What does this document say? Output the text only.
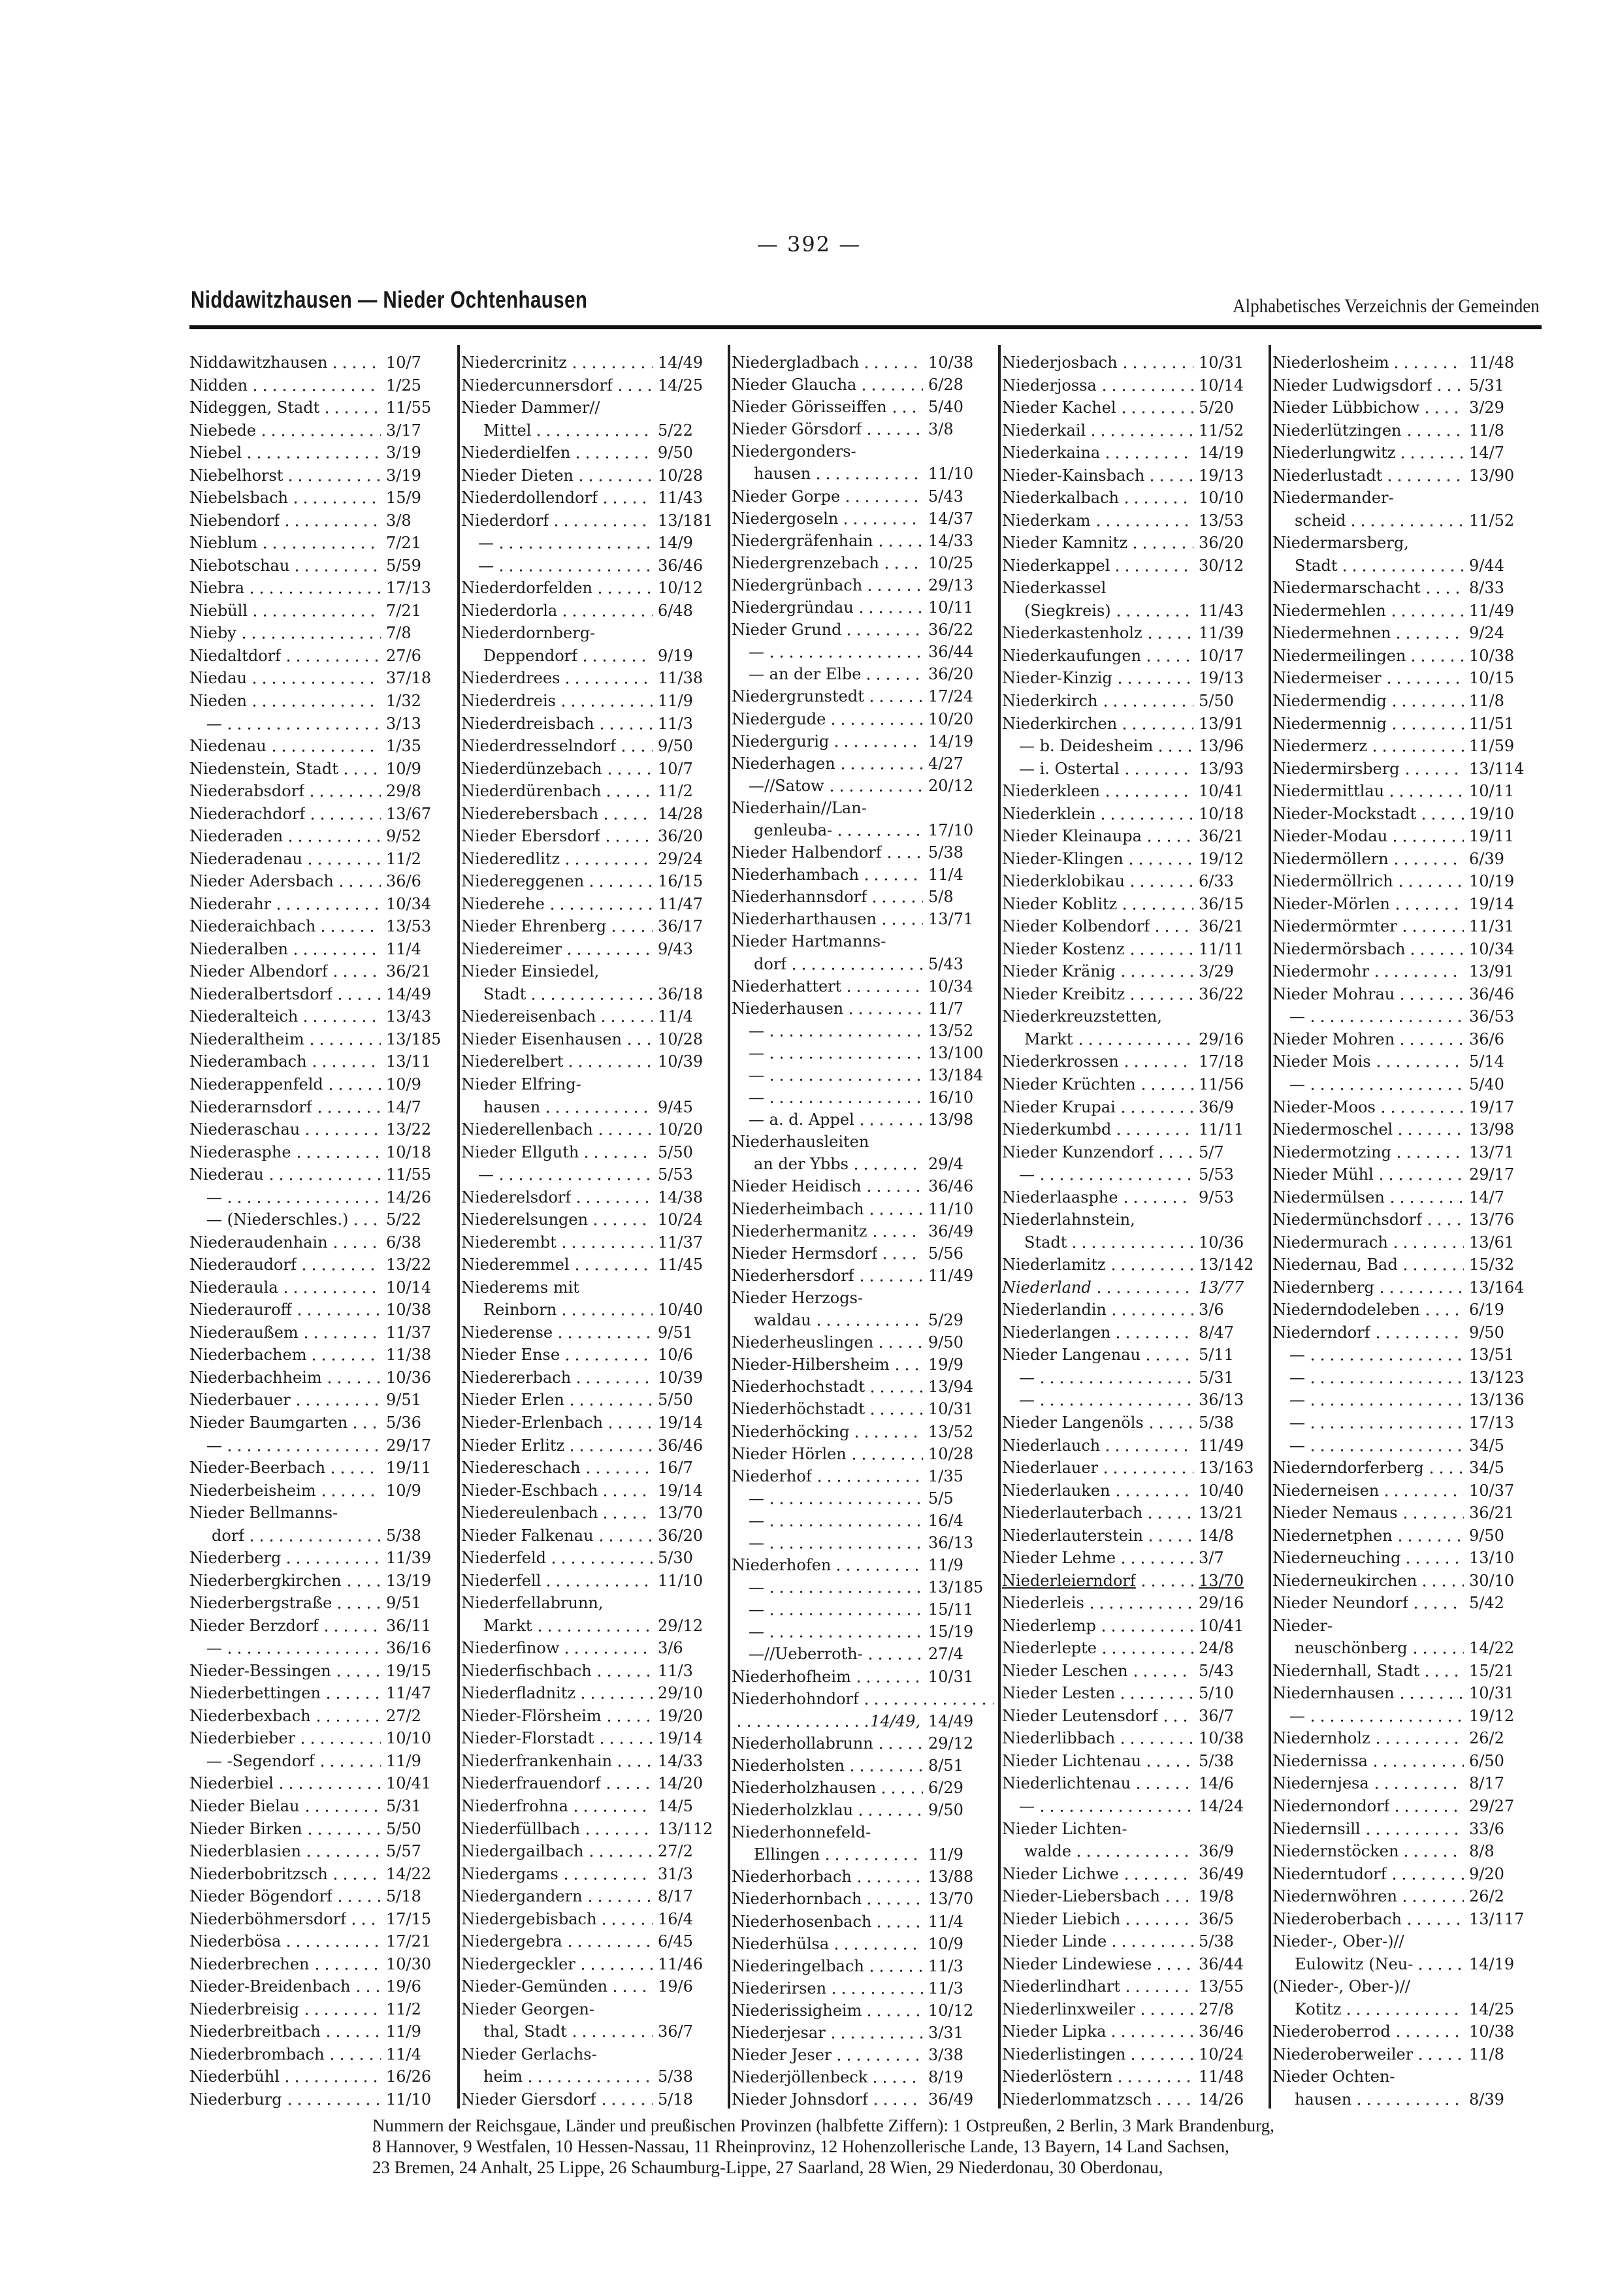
— 392 —
Niddawitzhausen — Nieder Ochtenhausen	Alphabetisches Verzeichnis der Gemeinden
Niddawitzhausen	10/7
Nidden	1/25
Nideggen, Stadt	11/55
Niebede	3/17
Niebel	3/19
Niebelhorst	3/19
Niebelsbach	15/9
Niebendorf	3/8
Nieblum	7/21
Niebotschau	5/59
Niebra	17/13
Niebüll	7/21
Nieby	7/8
Niedaltdorf	27/6
Niedau	37/18
Nieden	1/32
—	3/13
Niedenau	1/35
Niedenstein, Stadt	10/9
Niederabsdorf	29/8
Niederachdorf	13/67
Niederaden	9/52
Niederadenau	11/2
Nieder Adersbach	36/6
Niederahr	10/34
Niederaichbach	13/53
Niederalben	11/4
Nieder Albendorf	36/21
Niederalbertsdorf	14/49
Niederalteich	13/43
Niederaltheim	13/185
Niederambach	13/11
Niederappenfeld	10/9
Niederarnsdorf	14/7
Niederaschau	13/22
Niederasphe	10/18
Niederau	11/55
—	14/26
— (Niederschles.) 5/22
Niederaudenhain	6/38
Niederaudorf	13/22
Niederaula	10/14
Niederauroff	10/38
Niederaußem	11/37
Niederbachem	11/38
Niederbachheim	10/36
Niederbauer	9/51
Nieder Baumgarten 5/36
—	29/17
Nieder-Beerbach	19/11
Niederbeisheim	10/9
Nieder Bellmanns-
dorf	5/38
Niederberg	11/39
Niederbergkirchen	13/19
Niederbergstraße	9/51
Nieder Berzdorf	36/11
—	36/16
Nieder-Bessingen	19/15
Niederbettingen	11/47
Niederbexbach	27/2
Niederbieber	10/10
— -Segendorf	11/9
Niederbiel	10/41
Nieder Bielau	5/31
Nieder Birken	5/50
Niederblasien	5/57
Niederbobritzsch	14/22
Nieder Bögendorf	5/18
Niederböhmersdorf	17/15
Niederbösa	17/21
Niederbrechen	10/30
Nieder-Breidenbach 19/6
Niederbreisig	11/2
Niederbreitbach	11/9
Niederbrombach	11/4
Niederbühl	16/26
Niederburg	11/10
Niedercrinitz	14/49
Niedercunnersdorf	14/25
Nieder Dammer//
Mittel	5/22
Niederdielfen	9/50
Nieder Dieten	10/28
Niederdollendorf	11/43
Niederdorf	13/181
—	14/9
—	36/46
Niederdorfelden	10/12
Niederdorla	6/48
Niederdornberg-
Deppendorf	9/19
Niederdrees	11/38
Niederdreis	11/9
Niederdreisbach	11/3
Niederdresselndorf	9/50
Niederdünzebach	10/7
Niederdürenbach	11/2
Niederebersbach	14/28
Nieder Ebersdorf	36/20
Niederedlitz	29/24
Niedereggenen	16/15
Niederehe	11/47
Nieder Ehrenberg	36/17
Niedereimer	9/43
Nieder Einsiedel,
Stadt	36/18
Niedereisenbach	11/4
Nieder Eisenhausen 10/28
Niederelbert	10/39
Nieder Elfring-
hausen	9/45
Niederellenbach	10/20
Nieder Ellguth	5/50
—	5/53
Niederelsdorf	14/38
Niederelsungen	10/24
Niederembt	11/37
Niederemmel	11/45
Niederems mit
Reinborn	10/40
Niederense	9/51
Nieder Ense	10/6
Niedererbach	10/39
Nieder Erlen	5/50
Nieder-Erlenbach	19/14
Nieder Erlitz	36/46
Niedereschach	16/7
Nieder-Eschbach	19/14
Niedereulenbach	13/70
Nieder Falkenau	36/20
Niederfeld	5/30
Niederfell	11/10
Niederfellabrunn,
Markt	29/12
Niederfinow	3/6
Niederfischbach	11/3
Niederfladnitz	29/10
Nieder-Flörsheim	19/20
Nieder-Florstadt	19/14
Niederfrankenhain	14/33
Niederfrauendorf	14/20
Niederfrohna	14/5
Niederfüllbach	13/112
Niedergailbach	27/2
Niedergams	31/3
Niedergandern	8/17
Niedergebisbach	16/4
Niedergebra	6/45
Niedergeckler	11/46
Nieder-Gemünden	19/6
Nieder Georgen-
thal, Stadt	36/7
Nieder Gerlachs-
heim	5/38
Nieder Giersdorf	5/18
Niedergladbach	10/38
Nieder Glaucha	6/28
Nieder Görisseiffen	5/40
Nieder Görsdorf	3/8
Niedergonders-
hausen	11/10
Nieder Gorpe	5/43
Niedergoseln	14/37
Niedergräfenhain	14/33
Niedergrenzebach	10/25
Niedergrünbach	29/13
Niedergründau	10/11
Nieder Grund	36/22
—	36/44
— an der Elbe	36/20
Niedergrunstedt	17/24
Niedergude	10/20
Niedergurig	14/19
Niederhagen	4/27
—//Satow	20/12
Niederhain//Lan-
genleuba-	17/10
Nieder Halbendorf	5/38
Niederhambach	11/4
Niederhannsdorf	5/8
Niederharthausen	13/71
Nieder Hartmanns-
dorf	5/43
Niederhattert	10/34
Niederhausen	11/7
—	13/52
—	13/100
—	13/184
—	16/10
— a. d. Appel	13/98
Niederhausleiten
an der Ybbs	29/4
Nieder Heidisch	36/46
Niederheimbach	11/10
Niederhermanitz	36/49
Nieder Hermsdorf	5/56
Niederhersdorf	11/49
Nieder Herzogs-
waldau	5/29
Niederheuslingen	9/50
Nieder-Hilbersheim 19/9
Niederhochstadt	13/94
Niederhöchstadt	10/31
Niederhöcking	13/52
Nieder Hörlen	10/28
Niederhof	1/35
—	5/5
—	16/4
—	36/13
Niederhofen	11/9
—	13/185
—	15/11
—	15/19
—//Ueberroth-	27/4
Niederhofheim	10/31
Niederhohndorf
14/49, 14/49
Niederhollabrunn	29/12
Niederholsten	8/51
Niederholzhausen	6/29
Niederholzklau	9/50
Niederhonnefeld-
Ellingen	11/9
Niederhorbach	13/88
Niederhornbach	13/70
Niederhosenbach	11/4
Niederhülsa	10/9
Niederingelbach	11/3
Niederirsen	11/3
Niederissigheim	10/12
Niederjesar	3/31
Nieder Jeser	3/38
Niederjöllenbeck	8/19
Nieder Johnsdorf	36/49
Niederjosbach	10/31
Niederjossa	10/14
Nieder Kachel	5/20
Niederkail	11/52
Niederkaina	14/19
Nieder-Kainsbach	19/13
Niederkalbach	10/10
Niederkam	13/53
Nieder Kamnitz	36/20
Niederkappel	30/12
Niederkassel
(Siegkreis)	11/43
Niederkastenholz	11/39
Niederkaufungen	10/17
Nieder-Kinzig	19/13
Niederkirch	5/50
Niederkirchen	13/91
— b. Deidesheim	13/96
— i. Ostertal	13/93
Niederkleen	10/41
Niederklein	10/18
Nieder Kleinaupa	36/21
Nieder-Klingen	19/12
Niederklobikau	6/33
Nieder Koblitz	36/15
Nieder Kolbendorf	36/21
Nieder Kostenz	11/11
Nieder Kränig	3/29
Nieder Kreibitz	36/22
Niederkreuzstetten,
Markt	29/16
Niederkrossen	17/18
Nieder Krüchten	11/56
Nieder Krupai	36/9
Niederkumbd	11/11
Nieder Kunzendorf	5/7
—	5/53
Niederlaasphe	9/53
Niederlahnstein,
Stadt	10/36
Niederlamitz	13/142
Niederland	13/77
Niederlandin	3/6
Niederlangen	8/47
Nieder Langenau	5/11
—	5/31
—	36/13
Nieder Langenöls	5/38
Niederlauch	11/49
Niederlauer	13/163
Niederlauken	10/40
Niederlauterbach	13/21
Niederlauterstein	14/8
Nieder Lehme	3/7
Niederleierndorf	13/70
Niederleis	29/16
Niederlemp	10/41
Niederlepte	24/8
Nieder Leschen	5/43
Nieder Lesten	5/10
Nieder Leutensdorf	36/7
Niederlibbach	10/38
Nieder Lichtenau	5/38
Niederlichtenau	14/6
—	14/24
Nieder Lichten-
walde	36/9
Nieder Lichwe	36/49
Nieder-Liebersbach 19/8
Nieder Liebich	36/5
Nieder Linde	5/38
Nieder Lindewiese	36/44
Niederlindhart	13/55
Niederlinxweiler	27/8
Nieder Lipka	36/46
Niederlistingen	10/24
Niederlöstern	11/48
Niederlommatzsch	14/26
Niederlosheim	11/48
Nieder Ludwigsdorf 5/31
Nieder Lübbichow	3/29
Niederlützingen	11/8
Niederlungwitz	14/7
Niederlustadt	13/90
Niedermander-
scheid	11/52
Niedermarsberg,
Stadt	9/44
Niedermarschacht	8/33
Niedermehlen	11/49
Niedermehnen	9/24
Niedermeilingen	10/38
Niedermeiser	10/15
Niedermendig	11/8
Niedermennig	11/51
Niedermerz	11/59
Niedermirsberg	13/114
Niedermittlau	10/11
Nieder-Mockstadt	19/10
Nieder-Modau	19/11
Niedermöllern	6/39
Niedermöllrich	10/19
Nieder-Mörlen	19/14
Niedermörmter	11/31
Niedermörsbach	10/34
Niedermohr	13/91
Nieder Mohrau	36/46
—	36/53
Nieder Mohren	36/6
Nieder Mois	5/14
—	5/40
Nieder-Moos	19/17
Niedermoschel	13/98
Niedermotzing	13/71
Nieder Mühl	29/17
Niedermülsen	14/7
Niedermünchsdorf	13/76
Niedermurach	13/61
Niedernau, Bad	15/32
Niedernberg	13/164
Niederndodeleben	6/19
Niederndorf	9/50
—	13/51
—	13/123
—	13/136
—	17/13
—	34/5
Niederndorferberg	34/5
Niederneisen	10/37
Nieder Nemaus	36/21
Niedernetphen	9/50
Niederneuching	13/10
Niederneukirchen	30/10
Nieder Neundorf	5/42
Nieder-
neuschönberg	14/22
Niedernhall, Stadt	15/21
Niedernhausen	10/31
—	19/12
Niedernholz	26/2
Niedernissa	6/50
Niedernjesa	8/17
Niedernondorf	29/27
Niedernsill	33/6
Niedernstöcken	8/8
Niederntudorf	9/20
Niedernwöhren	26/2
Niederoberbach	13/117
Nieder-, Ober-)//
Eulowitz (Neu-	14/19
(Nieder-, Ober-)//
Kotitz	14/25
Niederoberrod	10/38
Niederoberweiler	11/8
Nieder Ochten-
hausen	8/39
Nummern der Reichsgaue, Länder und preußischen Provinzen (halbfette Ziffern): 1 Ostpreußen, 2 Berlin, 3 Mark Brandenburg,
8 Hannover, 9 Westfalen, 10 Hessen-Nassau, 11 Rheinprovinz, 12 Hohenzollerische Lande, 13 Bayern, 14 Land Sachsen,
23 Bremen, 24 Anhalt, 25 Lippe, 26 Schaumburg-Lippe, 27 Saarland, 28 Wien, 29 Niederdonau, 30 Oberdonau,
